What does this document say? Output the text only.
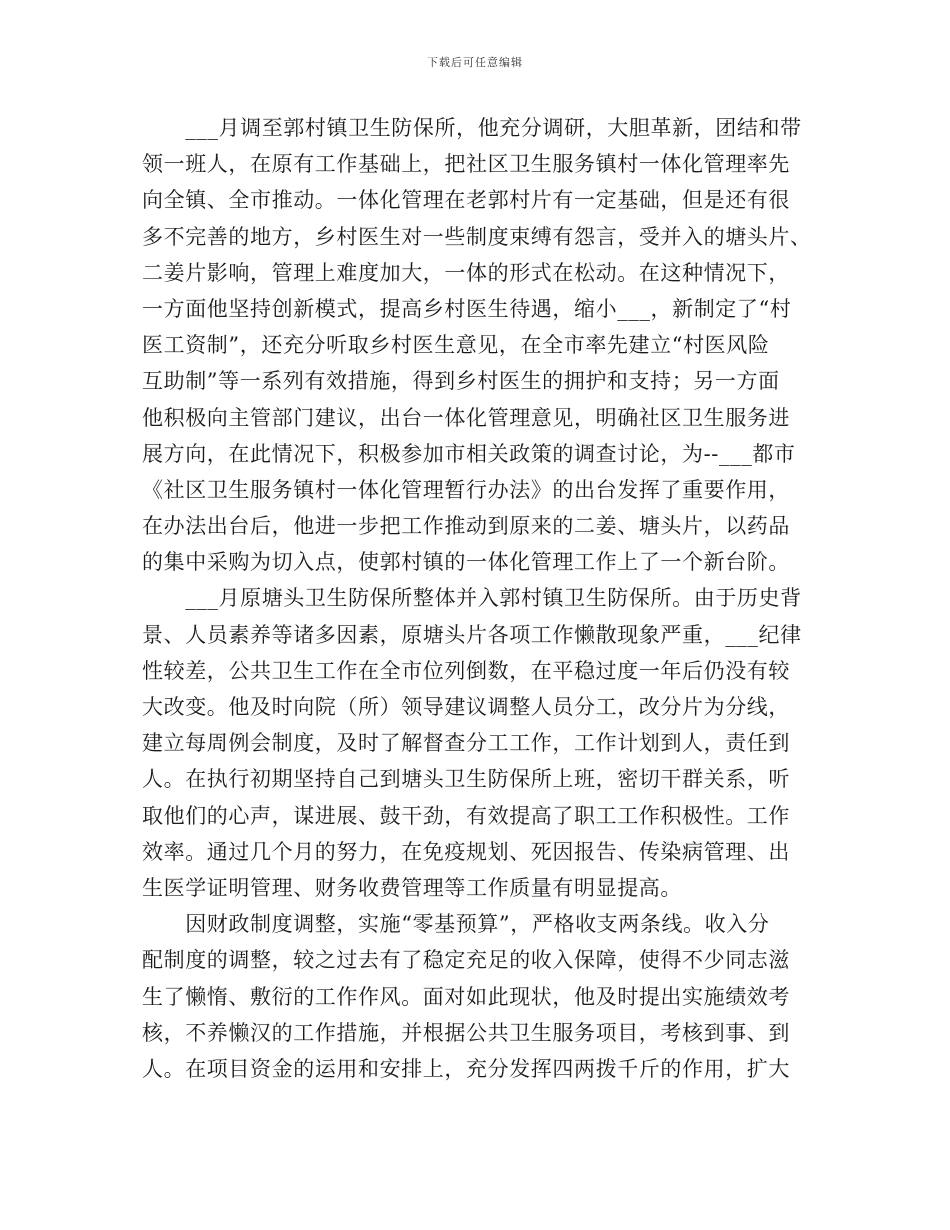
下载后可任意编辑
　　___月调至郭村镇卫生防保所，他充分调研，大胆革新，团结和带
领一班人，在原有工作基础上，把社区卫生服务镇村一体化管理率先
向全镇、全市推动。一体化管理在老郭村片有一定基础，但是还有很
多不完善的地方，乡村医生对一些制度束缚有怨言，受并入的塘头片、
二姜片影响，管理上难度加大，一体的形式在松动。在这种情况下，
一方面他坚持创新模式，提高乡村医生待遇，缩小___，新制定了“村
医工资制”，还充分听取乡村医生意见，在全市率先建立“村医风险
互助制”等一系列有效措施，得到乡村医生的拥护和支持；另一方面
他积极向主管部门建议，出台一体化管理意见，明确社区卫生服务进
展方向，在此情况下，积极参加市相关政策的调查讨论，为--___都市
《社区卫生服务镇村一体化管理暂行办法》的出台发挥了重要作用，
在办法出台后，他进一步把工作推动到原来的二姜、塘头片，以药品
的集中采购为切入点，使郭村镇的一体化管理工作上了一个新台阶。
　　___月原塘头卫生防保所整体并入郭村镇卫生防保所。由于历史背
景、人员素养等诸多因素，原塘头片各项工作懒散现象严重，___纪律
性较差，公共卫生工作在全市位列倒数，在平稳过度一年后仍没有较
大改变。他及时向院（所）领导建议调整人员分工，改分片为分线，
建立每周例会制度，及时了解督查分工工作，工作计划到人，责任到
人。在执行初期坚持自己到塘头卫生防保所上班，密切干群关系，听
取他们的心声，谋进展、鼓干劲，有效提高了职工工作积极性。工作
效率。通过几个月的努力，在免疫规划、死因报告、传染病管理、出
生医学证明管理、财务收费管理等工作质量有明显提高。
　　因财政制度调整，实施“零基预算”，严格收支两条线。收入分
配制度的调整，较之过去有了稳定充足的收入保障，使得不少同志滋
生了懒惰、敷衍的工作作风。面对如此现状，他及时提出实施绩效考
核，不养懒汉的工作措施，并根据公共卫生服务项目，考核到事、到
人。在项目资金的运用和安排上，充分发挥四两拨千斤的作用，扩大
